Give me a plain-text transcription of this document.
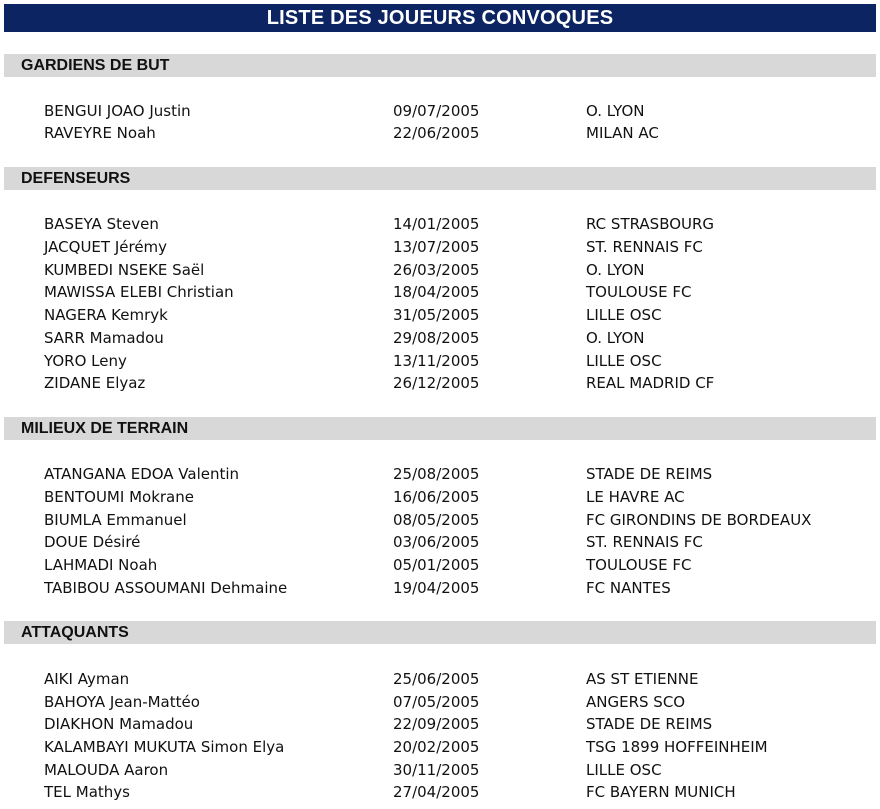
LISTE DES JOUEURS CONVOQUES
GARDIENS DE BUT
BENGUI JOAO Justin	09/07/2005	O. LYON
RAVEYRE Noah	22/06/2005	MILAN AC
DEFENSEURS
BASEYA Steven	14/01/2005	RC STRASBOURG
JACQUET Jérémy	13/07/2005	ST. RENNAIS FC
KUMBEDI NSEKE Saël	26/03/2005	O. LYON
MAWISSA ELEBI Christian	18/04/2005	TOULOUSE FC
NAGERA Kemryk	31/05/2005	LILLE OSC
SARR Mamadou	29/08/2005	O. LYON
YORO Leny	13/11/2005	LILLE OSC
ZIDANE Elyaz	26/12/2005	REAL MADRID CF
MILIEUX DE TERRAIN
ATANGANA EDOA Valentin	25/08/2005	STADE DE REIMS
BENTOUMI Mokrane	16/06/2005	LE HAVRE AC
BIUMLA Emmanuel	08/05/2005	FC GIRONDINS DE BORDEAUX
DOUE Désiré	03/06/2005	ST. RENNAIS FC
LAHMADI Noah	05/01/2005	TOULOUSE FC
TABIBOU ASSOUMANI Dehmaine	19/04/2005	FC NANTES
ATTAQUANTS
AIKI Ayman	25/06/2005	AS ST ETIENNE
BAHOYA Jean-Mattéo	07/05/2005	ANGERS SCO
DIAKHON Mamadou	22/09/2005	STADE DE REIMS
KALAMBAYI MUKUTA Simon Elya	20/02/2005	TSG 1899 HOFFEINHEIM
MALOUDA Aaron	30/11/2005	LILLE OSC
TEL Mathys	27/04/2005	FC BAYERN MUNICH
